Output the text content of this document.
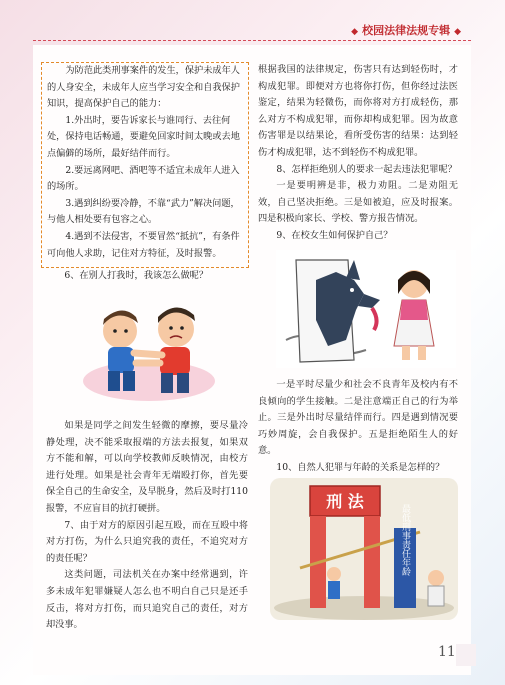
◆ 校园法律法规专辑 ◆

为防范此类刑事案件的发生，保护未成年人的人身安全，未成年人应当学习安全和自我保护知识，提高保护自己的能力：

1.外出时，要告诉家长与谁同行、去往何处，保持电话畅通，要避免回家时间太晚或去地点偏僻的场所，最好结伴而行。

2.要远离网吧、酒吧等不适宜未成年人进入的场所。

3.遇到纠纷要冷静，不靠“武力”解决问题，与他人相处要有包容之心。

4.遇到不法侵害，不要冒然“抵抗”，有条件可向他人求助，记住对方特征，及时报警。

6、在别人打我时，我该怎么做呢？

如果是同学之间发生轻微的摩擦，要尽量冷静处理，决不能采取报端的方法去报复，如果双方不能和解，可以向学校教师反映情况，由校方进行处理。如果是社会青年无端殴打你，首先要保全自己的生命安全，及早脱身，然后及时打110报警，不应盲目的抗打硬拼。

7、由于对方的原因引起互殴，而在互殴中将对方打伤，为什么只追究我的责任，不追究对方的责任呢？

这类问题，司法机关在办案中经常遇到，许多未成年犯罪嫌疑人怎么也不明白自己只是还手反击，将对方打伤，而只追究自己的责任，对方却没事。

根据我国的法律规定，伤害只有达到轻伤时，才构成犯罪。即便对方也将你打伤，但你经过法医鉴定，结果为轻微伤，而你将对方打成轻伤，那么对方不构成犯罪，而你却构成犯罪。因为故意伤害罪是以结果论，看所受伤害的结果：达到轻伤才构成犯罪，达不到轻伤不构成犯罪。

8、怎样拒绝别人的要求一起去违法犯罪呢？

一是要明辨是非，极力劝阻。二是劝阻无效，自己坚决拒绝。三是如被迫，应及时报案。四是积极向家长、学校、警方报告情况。

9、在校女生如何保护自己？

一是平时尽量少和社会不良青年及校内有不良倾向的学生接触。二是注意端正自己的行为举止。三是外出时尽量结伴而行。四是遇到情况要巧妙周旋，会自我保护。五是拒绝陌生人的好意。

10、自然人犯罪与年龄的关系是怎样的？

刑 法
最低刑事责任年龄
11
